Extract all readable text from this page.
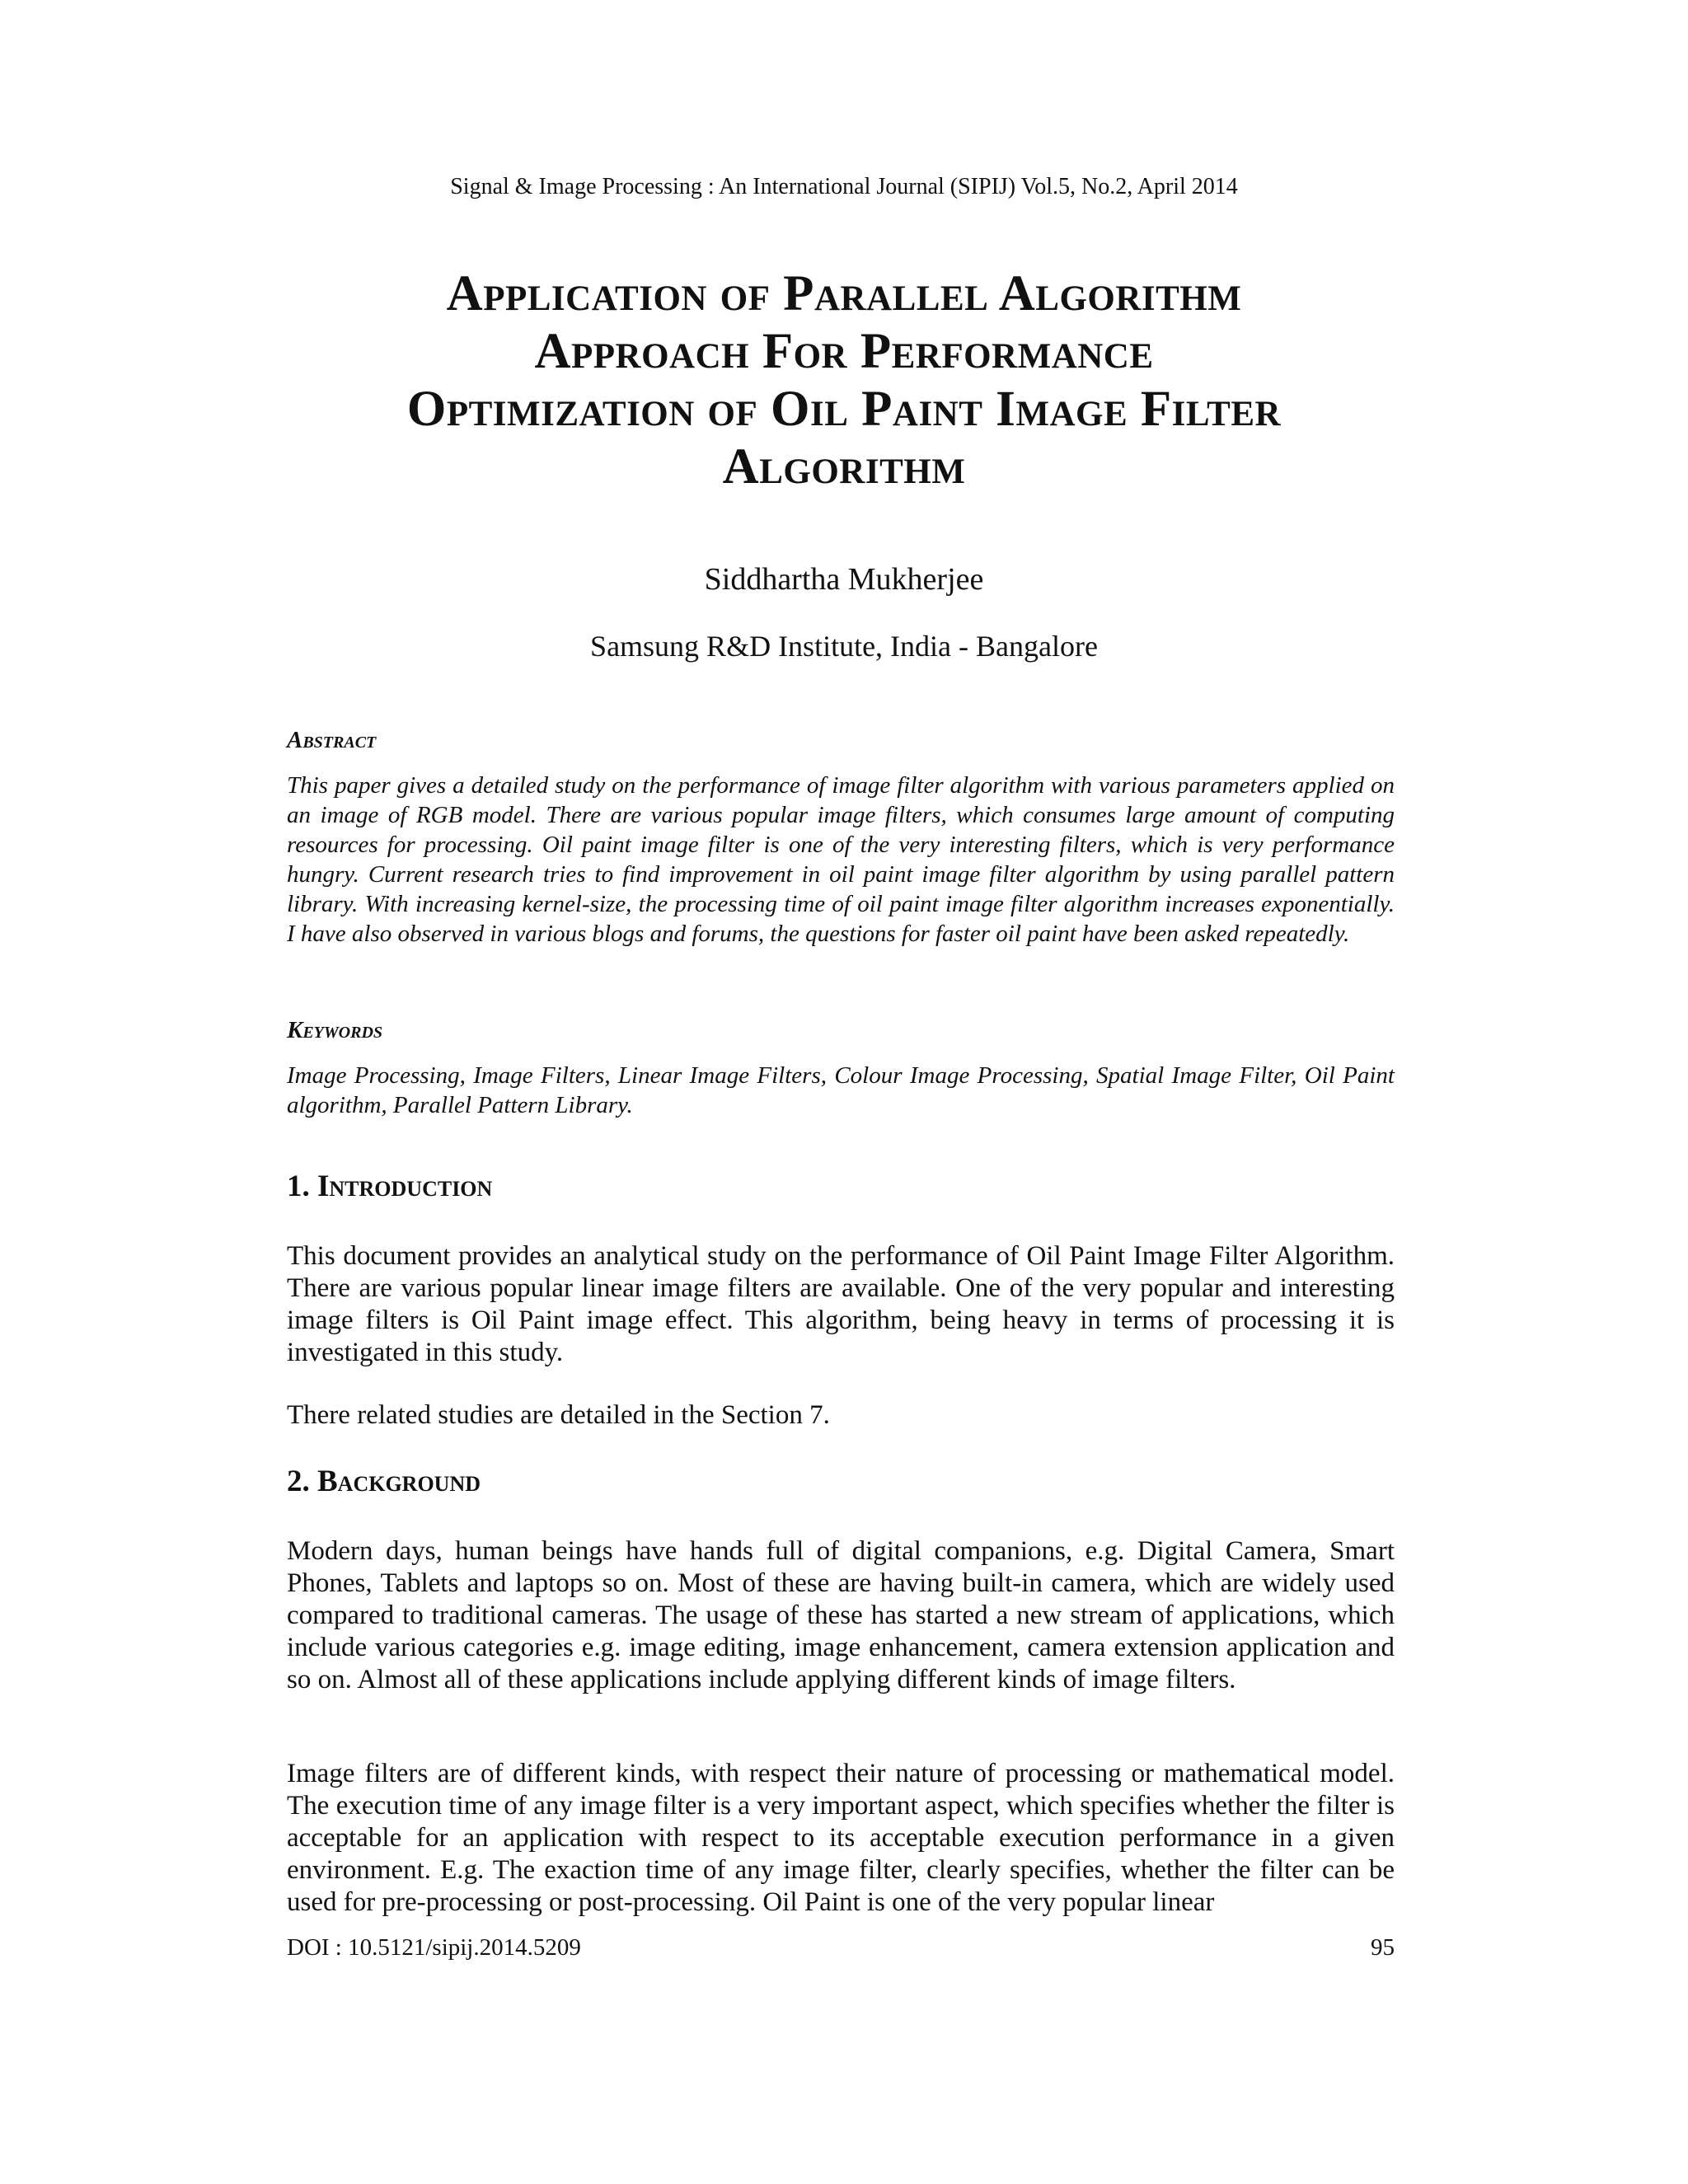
Signal & Image Processing : An International Journal (SIPIJ) Vol.5, No.2, April 2014
Application of Parallel Algorithm
Approach For Performance
Optimization of Oil Paint Image Filter
Algorithm
Siddhartha Mukherjee
Samsung R&D Institute, India - Bangalore
Abstract
This paper gives a detailed study on the performance of image filter algorithm with various parameters applied on an image of RGB model. There are various popular image filters, which consumes large amount of computing resources for processing. Oil paint image filter is one of the very interesting filters, which is very performance hungry. Current research tries to find improvement in oil paint image filter algorithm by using parallel pattern library. With increasing kernel-size, the processing time of oil paint image filter algorithm increases exponentially. I have also observed in various blogs and forums, the questions for faster oil paint have been asked repeatedly.
Keywords
Image Processing, Image Filters, Linear Image Filters, Colour Image Processing, Spatial Image Filter, Oil Paint algorithm, Parallel Pattern Library.
1. Introduction
This document provides an analytical study on the performance of Oil Paint Image Filter Algorithm. There are various popular linear image filters are available. One of the very popular and interesting image filters is Oil Paint image effect. This algorithm, being heavy in terms of processing it is investigated in this study.
There related studies are detailed in the Section 7.
2. Background
Modern days, human beings have hands full of digital companions, e.g. Digital Camera, Smart Phones, Tablets and laptops so on. Most of these are having built-in camera, which are widely used compared to traditional cameras. The usage of these has started a new stream of applications, which include various categories e.g. image editing, image enhancement, camera extension application and so on. Almost all of these applications include applying different kinds of image filters.
Image filters are of different kinds, with respect their nature of processing or mathematical model. The execution time of any image filter is a very important aspect, which specifies whether the filter is acceptable for an application with respect to its acceptable execution performance in a given environment. E.g. The exaction time of any image filter, clearly specifies, whether the filter can be used for pre-processing or post-processing. Oil Paint is one of the very popular linear
DOI : 10.5121/sipij.2014.5209	95
